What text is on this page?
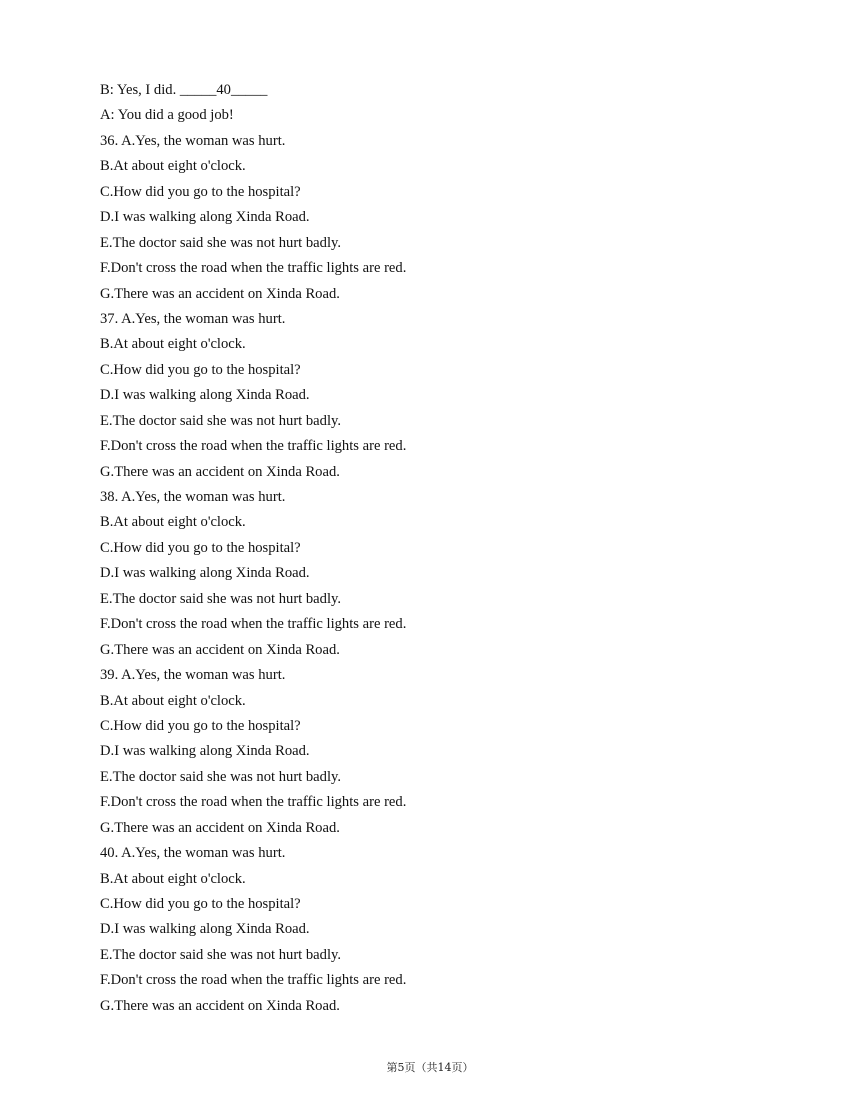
B: Yes, I did. _____40_____
A: You did a good job!
36. A.Yes, the woman was hurt.
B.At about eight o'clock.
C.How did you go to the hospital?
D.I was walking along Xinda Road.
E.The doctor said she was not hurt badly.
F.Don't cross the road when the traffic lights are red.
G.There was an accident on Xinda Road.
37. A.Yes, the woman was hurt.
B.At about eight o'clock.
C.How did you go to the hospital?
D.I was walking along Xinda Road.
E.The doctor said she was not hurt badly.
F.Don't cross the road when the traffic lights are red.
G.There was an accident on Xinda Road.
38. A.Yes, the woman was hurt.
B.At about eight o'clock.
C.How did you go to the hospital?
D.I was walking along Xinda Road.
E.The doctor said she was not hurt badly.
F.Don't cross the road when the traffic lights are red.
G.There was an accident on Xinda Road.
39. A.Yes, the woman was hurt.
B.At about eight o'clock.
C.How did you go to the hospital?
D.I was walking along Xinda Road.
E.The doctor said she was not hurt badly.
F.Don't cross the road when the traffic lights are red.
G.There was an accident on Xinda Road.
40. A.Yes, the woman was hurt.
B.At about eight o'clock.
C.How did you go to the hospital?
D.I was walking along Xinda Road.
E.The doctor said she was not hurt badly.
F.Don't cross the road when the traffic lights are red.
G.There was an accident on Xinda Road.
第5页（共14页）
